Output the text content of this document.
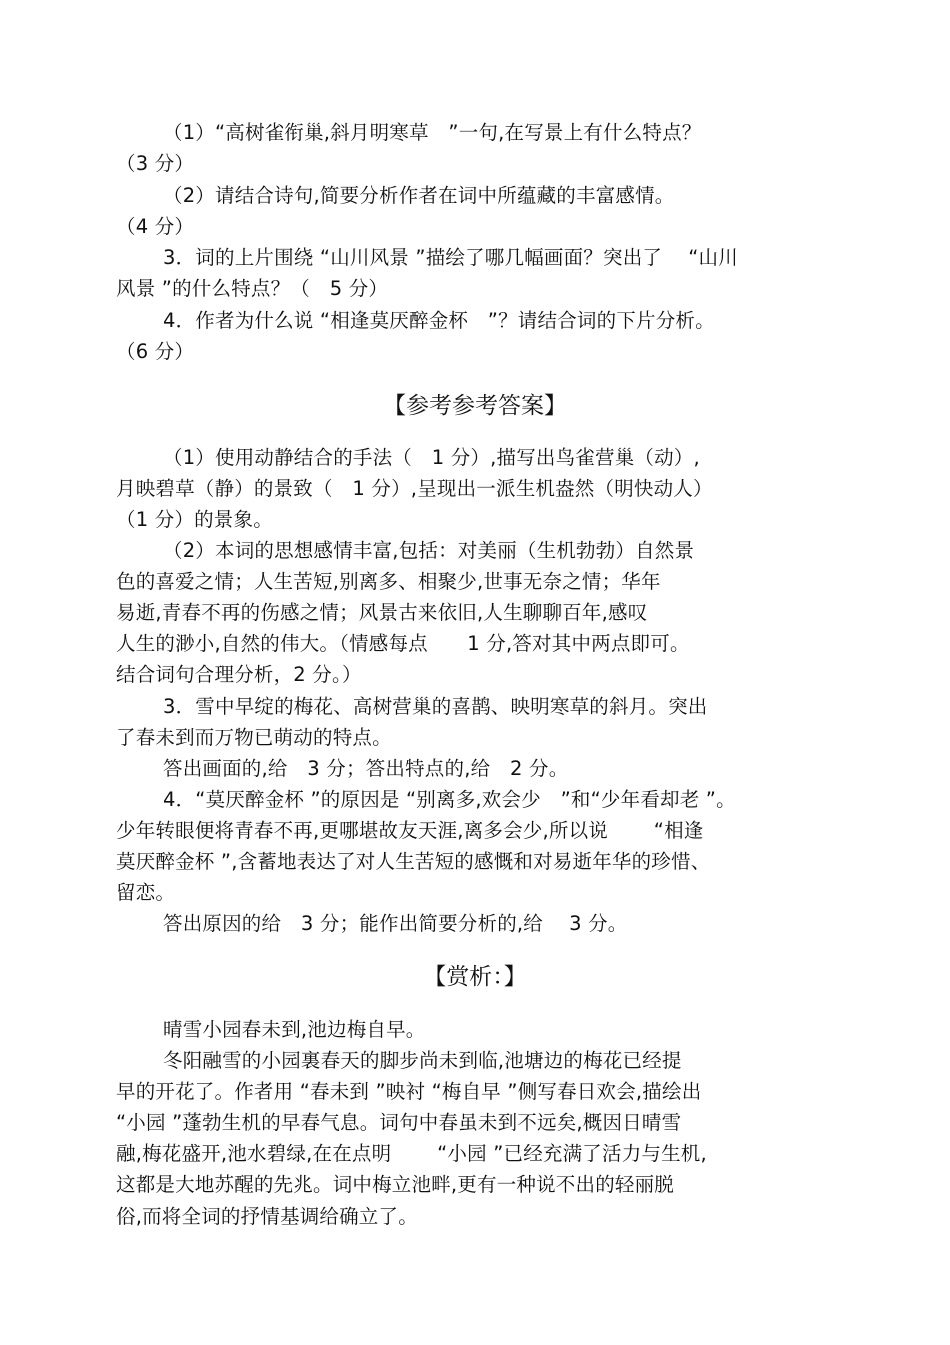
（1）“高树雀衔巢,斜月明寒草　”一句,在写景上有什么特点？
（3 分）
（2）请结合诗句,简要分析作者在词中所蕴藏的丰富感情。
（4 分）
3．词的上片围绕 “山川风景 ”描绘了哪几幅画面？突出了　 “山川
风景 ”的什么特点？（　5 分）
4．作者为什么说 “相逢莫厌醉金杯　”？请结合词的下片分析。
（6 分）
【参考参考答案】
（1）使用动静结合的手法（　1 分）,描写出鸟雀营巢（动）,
月映碧草（静）的景致（　1 分）,呈现出一派生机盎然（明快动人）
（1 分）的景象。
（2）本词的思想感情丰富,包括：对美丽（生机勃勃）自然景
色的喜爱之情；人生苦短,别离多、相聚少,世事无奈之情；华年
易逝,青春不再的伤感之情；风景古来依旧,人生聊聊百年,感叹
人生的渺小,自然的伟大。（情感每点　　1 分,答对其中两点即可。
结合词句合理分析，2 分。）
3．雪中早绽的梅花、高树营巢的喜鹊、映明寒草的斜月。突出
了春未到而万物已萌动的特点。
答出画面的,给　3 分；答出特点的,给　2 分。
4．“莫厌醉金杯 ”的原因是 “别离多,欢会少　”和“少年看却老 ”。
少年转眼便将青春不再,更哪堪故友天涯,离多会少,所以说　　 “相逢
莫厌醉金杯 ”,含蓄地表达了对人生苦短的感慨和对易逝年华的珍惜、
留恋。
答出原因的给　3 分；能作出简要分析的,给　 3 分。
【赏析：】
晴雪小园春未到,池边梅自早。
冬阳融雪的小园裏春天的脚步尚未到临,池塘边的梅花已经提
早的开花了。作者用 “春未到 ”映衬 “梅自早 ”侧写春日欢会,描绘出
“小园 ”蓬勃生机的早春气息。词句中春虽未到不远矣,概因日晴雪
融,梅花盛开,池水碧绿,在在点明　　 “小园 ”已经充满了活力与生机,
这都是大地苏醒的先兆。词中梅立池畔,更有一种说不出的轻丽脱
俗,而将全词的抒情基调给确立了。
